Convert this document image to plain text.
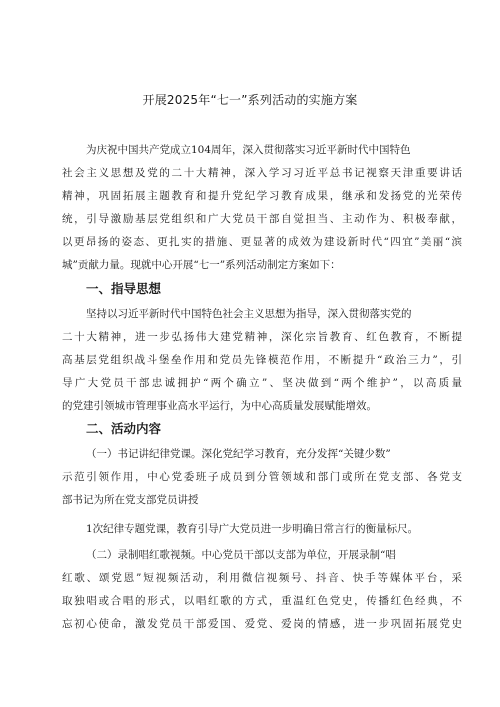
开展2025年“七一”系列活动的实施方案
为庆祝中国共产党成立104周年，深入贯彻落实习近平新时代中国特色
社会主义思想及党的二十大精神，深入学习习近平总书记视察天津重要讲话
精神，巩固拓展主题教育和提升党纪学习教育成果，继承和发扬党的光荣传
统，引导激励基层党组织和广大党员干部自觉担当、主动作为、积极奉献，
以更昂扬的姿态、更扎实的措施、更显著的成效为建设新时代“四宜”美丽“滨
城”贡献力量。现就中心开展“七一”系列活动制定方案如下：
一、指导思想
坚持以习近平新时代中国特色社会主义思想为指导，深入贯彻落实党的
二十大精神，进一步弘扬伟大建党精神，深化宗旨教育、红色教育，不断提
高基层党组织战斗堡垒作用和党员先锋模范作用，不断提升“政治三力”，引
导广大党员干部忠诚拥护“两个确立”、坚决做到“两个维护”，以高质量
的党建引领城市管理事业高水平运行，为中心高质量发展赋能增效。
二、活动内容
（一）书记讲纪律党课。深化党纪学习教育，充分发挥“关键少数”
示范引领作用，中心党委班子成员到分管领域和部门或所在党支部、各党支
部书记为所在党支部党员讲授
1次纪律专题党课，教育引导广大党员进一步明确日常言行的衡量标尺。
（二）录制唱红歌视频。中心党员干部以支部为单位，开展录制“唱
红歌、颂党恩”短视频活动，利用微信视频号、抖音、快手等媒体平台，采
取独唱或合唱的形式，以唱红歌的方式，重温红色党史，传播红色经典，不
忘初心使命，激发党员干部爱国、爱党、爱岗的情感，进一步巩固拓展党史
